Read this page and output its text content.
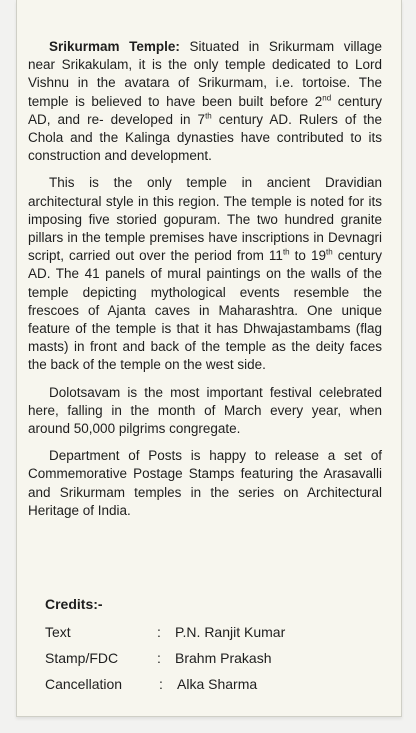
Srikurmam Temple: Situated in Srikurmam village near Srikakulam, it is the only temple dedicated to Lord Vishnu in the avatara of Srikurmam, i.e. tortoise. The temple is believed to have been built before 2nd century AD, and re- developed in 7th century AD. Rulers of the Chola and the Kalinga dynasties have contributed to its construction and development.

This is the only temple in ancient Dravidian architectural style in this region. The temple is noted for its imposing five storied gopuram. The two hundred granite pillars in the temple premises have inscriptions in Devnagri script, carried out over the period from 11th to 19th century AD. The 41 panels of mural paintings on the walls of the temple depicting mythological events resemble the frescoes of Ajanta caves in Maharashtra. One unique feature of the temple is that it has Dhwajastambams (flag masts) in front and back of the temple as the deity faces the back of the temple on the west side.

Dolotsavam is the most important festival celebrated here, falling in the month of March every year, when around 50,000 pilgrims congregate.

Department of Posts is happy to release a set of Commemorative Postage Stamps featuring the Arasavalli and Srikurmam temples in the series on Architectural Heritage of India.

Credits:-
Text	: P.N. Ranjit Kumar
Stamp/FDC	: Brahm Prakash
Cancellation	: Alka Sharma
